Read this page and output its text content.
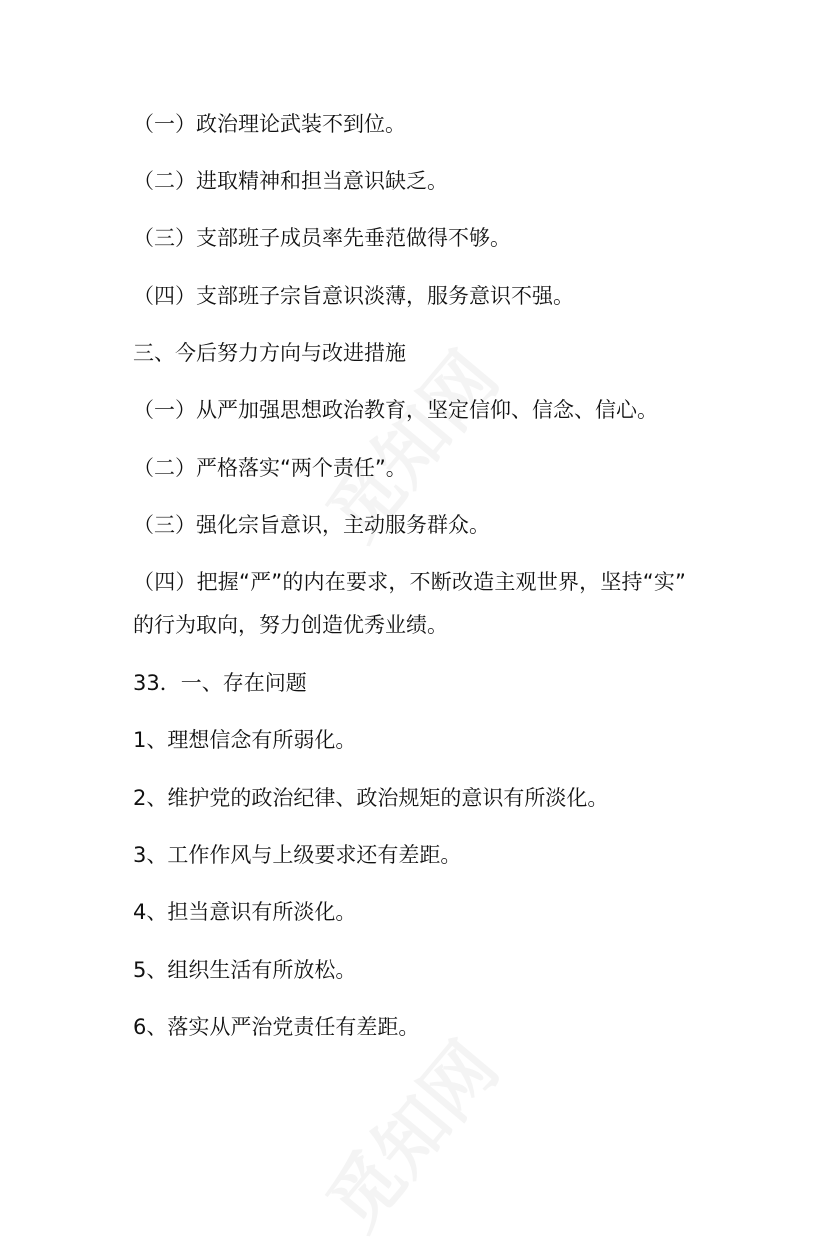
（一）政治理论武装不到位。

（二）进取精神和担当意识缺乏。

（三）支部班子成员率先垂范做得不够。

（四）支部班子宗旨意识淡薄，服务意识不强。

三、今后努力方向与改进措施

（一）从严加强思想政治教育，坚定信仰、信念、信心。

（二）严格落实“两个责任”。

（三）强化宗旨意识，主动服务群众。

（四）把握“严”的内在要求，不断改造主观世界，坚持“实”

的行为取向，努力创造优秀业绩。

33．一、存在问题

1、理想信念有所弱化。

2、维护党的政治纪律、政治规矩的意识有所淡化。

3、工作作风与上级要求还有差距。

4、担当意识有所淡化。

5、组织生活有所放松。

6、落实从严治党责任有差距。
